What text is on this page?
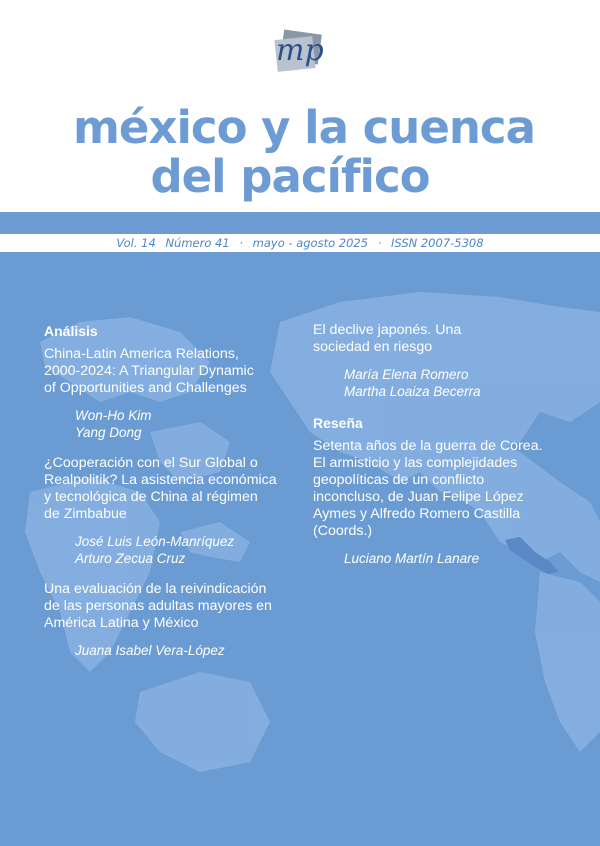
mp
méxico y la cuenca
del pacífico
Vol. 14 Número 41 · mayo - agosto 2025 · ISSN 2007-5308
Análisis
China-Latin America Relations,
2000-2024: A Triangular Dynamic
of Opportunities and Challenges
Won-Ho Kim
Yang Dong
¿Cooperación con el Sur Global o
Realpolitik? La asistencia económica
y tecnológica de China al régimen
de Zimbabue
José Luis León-Manríquez
Arturo Zecua Cruz
Una evaluación de la reivindicación
de las personas adultas mayores en
América Latina y México
Juana Isabel Vera-López
El declive japonés. Una
sociedad en riesgo
María Elena Romero
Martha Loaiza Becerra
Reseña
Setenta años de la guerra de Corea.
El armisticio y las complejidades
geopolíticas de un conflicto
inconcluso, de Juan Felipe López
Aymes y Alfredo Romero Castilla
(Coords.)
Luciano Martín Lanare
